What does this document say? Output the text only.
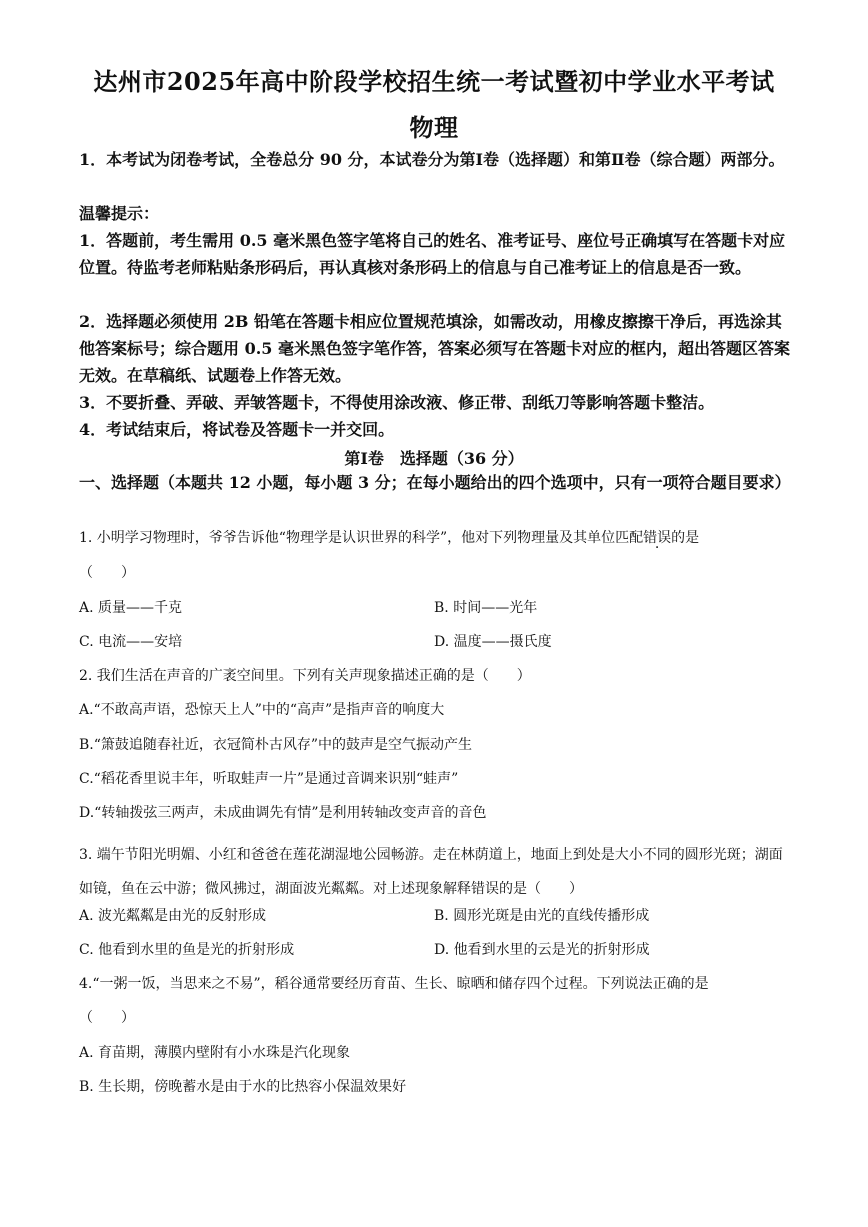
达州市2025年高中阶段学校招生统一考试暨初中学业水平考试
物理
1．本考试为闭卷考试，全卷总分 90 分，本试卷分为第Ⅰ卷（选择题）和第Ⅱ卷（综合题）两部分。
温馨提示：
1．答题前，考生需用 0.5 毫米黑色签字笔将自己的姓名、准考证号、座位号正确填写在答题卡对应位置。待监考老师粘贴条形码后，再认真核对条形码上的信息与自己准考证上的信息是否一致。
2．选择题必须使用 2B 铅笔在答题卡相应位置规范填涂，如需改动，用橡皮擦擦干净后，再选涂其他答案标号；综合题用 0.5 毫米黑色签字笔作答，答案必须写在答题卡对应的框内，超出答题区答案无效。在草稿纸、试题卷上作答无效。
3．不要折叠、弄破、弄皱答题卡，不得使用涂改液、修正带、刮纸刀等影响答题卡整洁。
4．考试结束后，将试卷及答题卡一并交回。
第Ⅰ卷　选择题（36 分）
一、选择题（本题共 12 小题，每小题 3 分；在每小题给出的四个选项中，只有一项符合题目要求）
1. 小明学习物理时，爷爷告诉他“物理学是认识世界的科学”，他对下列物理量及其单位匹配错误的是
（　　）
A. 质量——千克	B. 时间——光年
C. 电流——安培	D. 温度——摄氏度
2. 我们生活在声音的广袤空间里。下列有关声现象描述正确的是（　　）
A.“不敢高声语，恐惊天上人”中的“高声”是指声音的响度大
B.“箫鼓追随春社近，衣冠简朴古风存”中的鼓声是空气振动产生
C.“稻花香里说丰年，听取蛙声一片”是通过音调来识别“蛙声”
D.“转轴拨弦三两声，未成曲调先有情”是利用转轴改变声音的音色
3. 端午节阳光明媚、小红和爸爸在莲花湖湿地公园畅游。走在林荫道上，地面上到处是大小不同的圆形光斑；湖面如镜，鱼在云中游；微风拂过，湖面波光粼粼。对上述现象解释错误的是（　　）
A. 波光粼粼是由光的反射形成	B. 圆形光斑是由光的直线传播形成
C. 他看到水里的鱼是光的折射形成	D. 他看到水里的云是光的折射形成
4.“一粥一饭，当思来之不易”，稻谷通常要经历育苗、生长、晾晒和储存四个过程。下列说法正确的是
（　　）
A. 育苗期，薄膜内壁附有小水珠是汽化现象
B. 生长期，傍晚蓄水是由于水的比热容小保温效果好
